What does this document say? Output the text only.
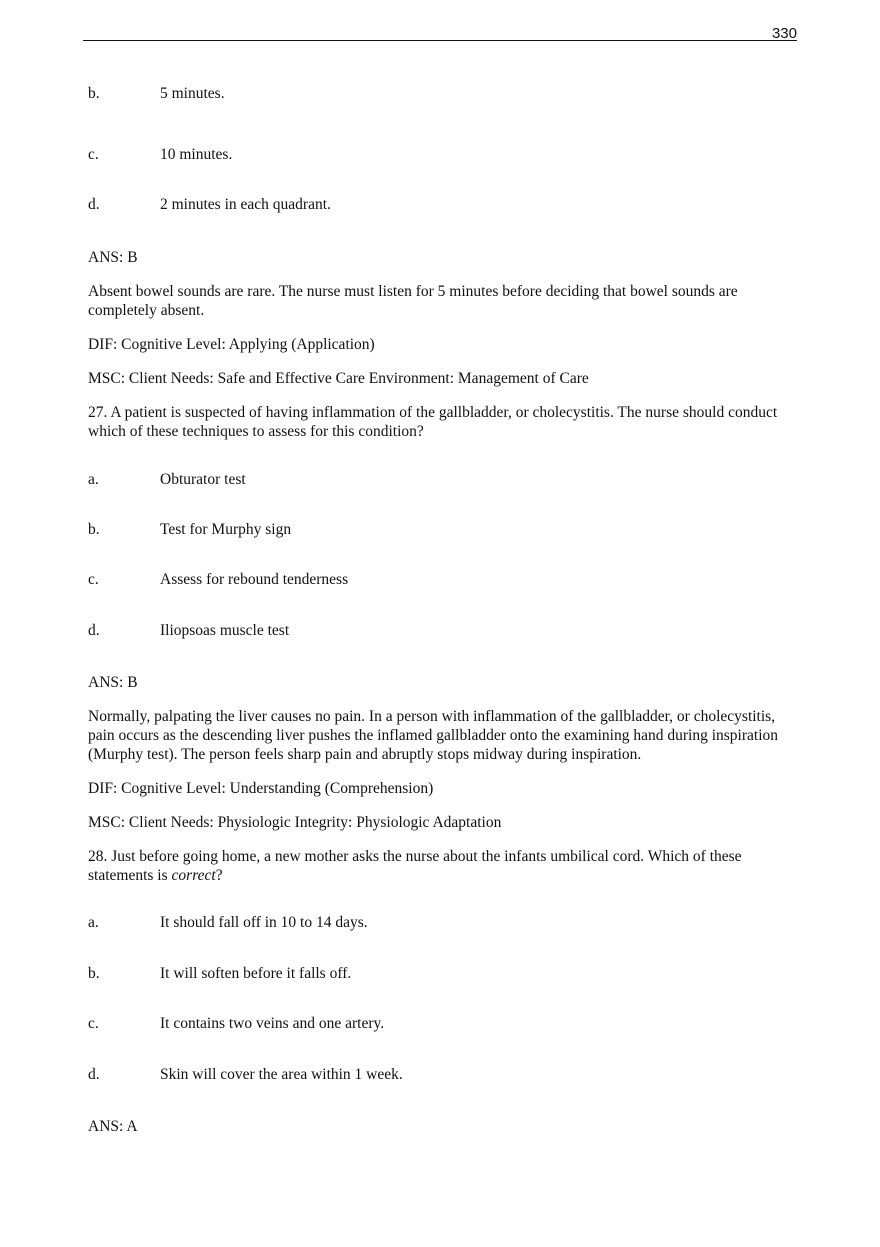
330
b.	5 minutes.
c.	10 minutes.
d.	2 minutes in each quadrant.
ANS: B
Absent bowel sounds are rare. The nurse must listen for 5 minutes before deciding that bowel sounds are completely absent.
DIF: Cognitive Level: Applying (Application)
MSC: Client Needs: Safe and Effective Care Environment: Management of Care
27. A patient is suspected of having inflammation of the gallbladder, or cholecystitis. The nurse should conduct which of these techniques to assess for this condition?
a.	Obturator test
b.	Test for Murphy sign
c.	Assess for rebound tenderness
d.	Iliopsoas muscle test
ANS: B
Normally, palpating the liver causes no pain. In a person with inflammation of the gallbladder, or cholecystitis, pain occurs as the descending liver pushes the inflamed gallbladder onto the examining hand during inspiration (Murphy test). The person feels sharp pain and abruptly stops midway during inspiration.
DIF: Cognitive Level: Understanding (Comprehension)
MSC: Client Needs: Physiologic Integrity: Physiologic Adaptation
28. Just before going home, a new mother asks the nurse about the infants umbilical cord. Which of these statements is correct?
a.	It should fall off in 10 to 14 days.
b.	It will soften before it falls off.
c.	It contains two veins and one artery.
d.	Skin will cover the area within 1 week.
ANS: A
